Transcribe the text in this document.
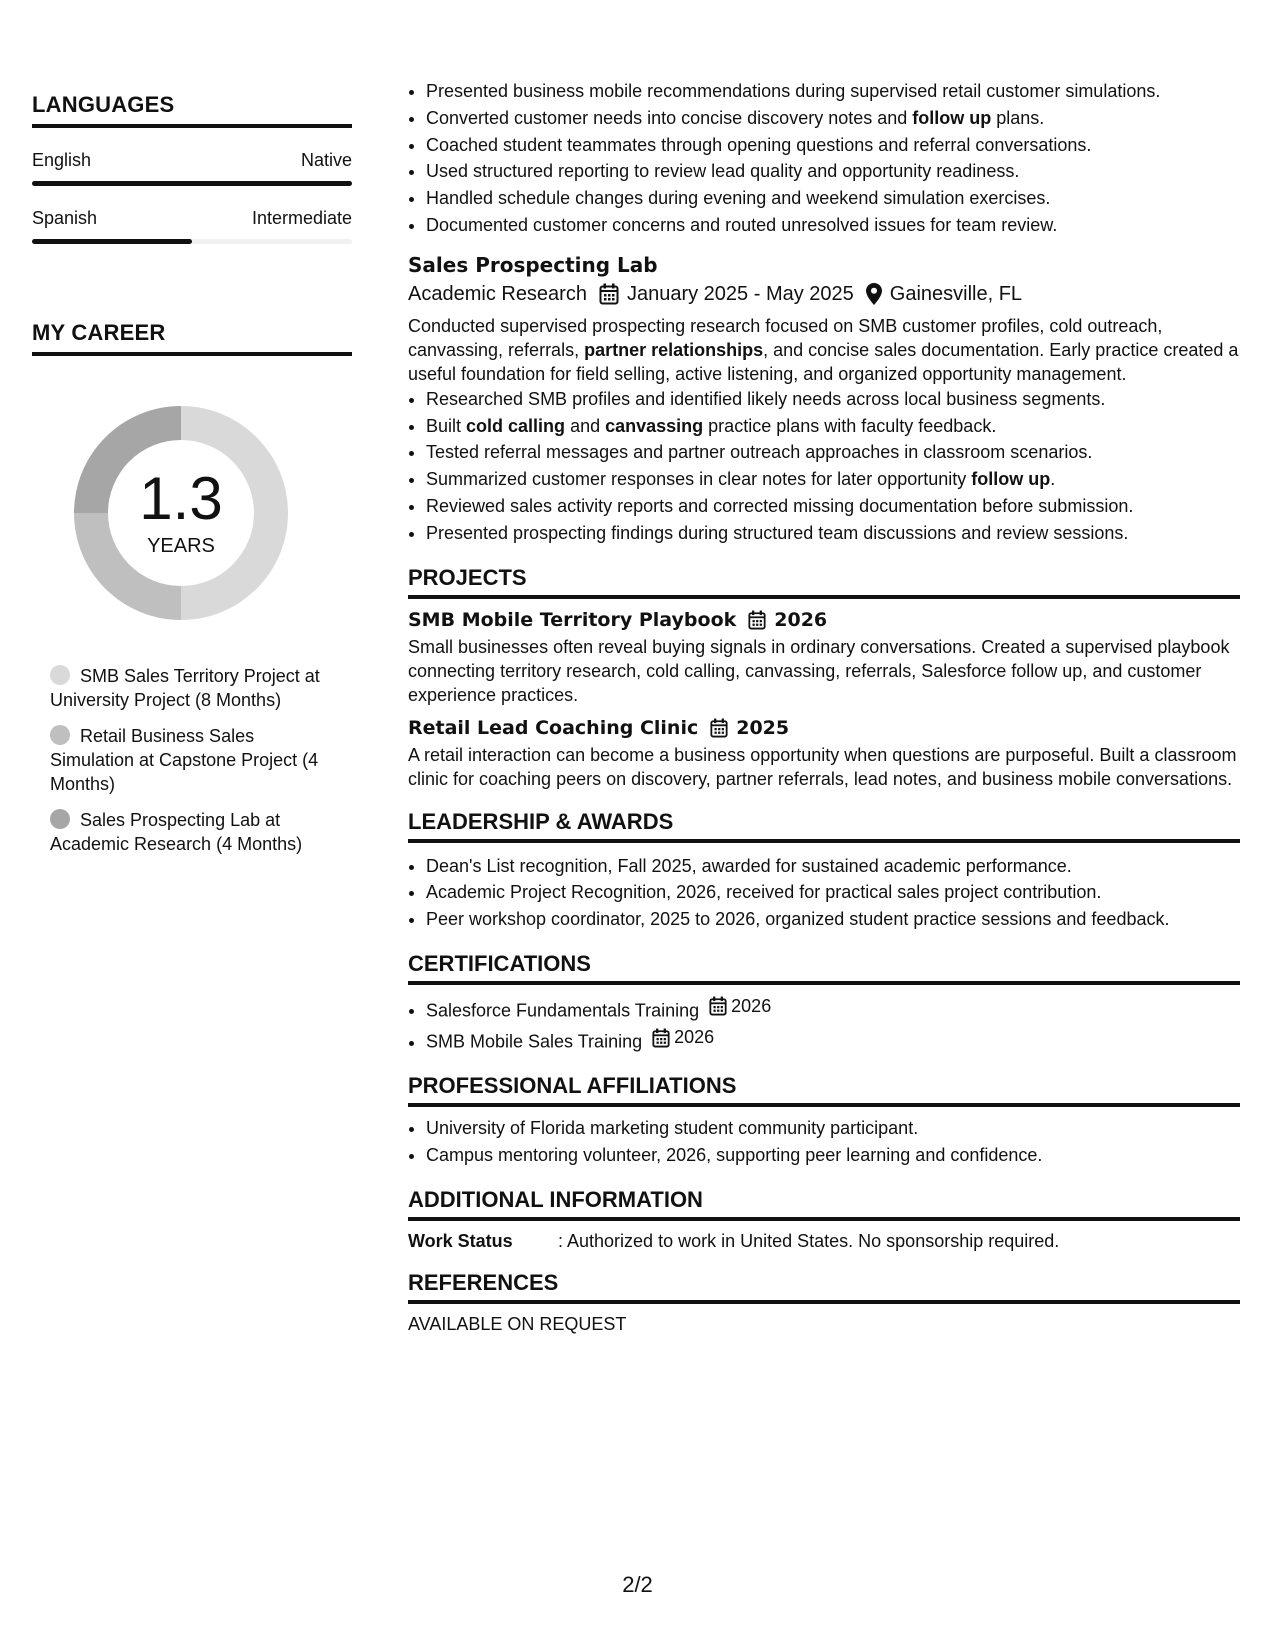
LANGUAGES
English	Native
Spanish	Intermediate
MY CAREER
1.3
YEARS
SMB Sales Territory Project at University Project (8 Months)
Retail Business Sales Simulation at Capstone Project (4 Months)
Sales Prospecting Lab at Academic Research (4 Months)
• Presented business mobile recommendations during supervised retail customer simulations.
• Converted customer needs into concise discovery notes and follow up plans.
• Coached student teammates through opening questions and referral conversations.
• Used structured reporting to review lead quality and opportunity readiness.
• Handled schedule changes during evening and weekend simulation exercises.
• Documented customer concerns and routed unresolved issues for team review.
Sales Prospecting Lab
Academic Research January 2025 - May 2025 Gainesville, FL
Conducted supervised prospecting research focused on SMB customer profiles, cold outreach, canvassing, referrals, partner relationships, and concise sales documentation. Early practice created a useful foundation for field selling, active listening, and organized opportunity management.
• Researched SMB profiles and identified likely needs across local business segments.
• Built cold calling and canvassing practice plans with faculty feedback.
• Tested referral messages and partner outreach approaches in classroom scenarios.
• Summarized customer responses in clear notes for later opportunity follow up.
• Reviewed sales activity reports and corrected missing documentation before submission.
• Presented prospecting findings during structured team discussions and review sessions.
PROJECTS
SMB Mobile Territory Playbook 2026
Small businesses often reveal buying signals in ordinary conversations. Created a supervised playbook connecting territory research, cold calling, canvassing, referrals, Salesforce follow up, and customer experience practices.
Retail Lead Coaching Clinic 2025
A retail interaction can become a business opportunity when questions are purposeful. Built a classroom clinic for coaching peers on discovery, partner referrals, lead notes, and business mobile conversations.
LEADERSHIP & AWARDS
• Dean's List recognition, Fall 2025, awarded for sustained academic performance.
• Academic Project Recognition, 2026, received for practical sales project contribution.
• Peer workshop coordinator, 2025 to 2026, organized student practice sessions and feedback.
CERTIFICATIONS
• Salesforce Fundamentals Training 2026
• SMB Mobile Sales Training 2026
PROFESSIONAL AFFILIATIONS
• University of Florida marketing student community participant.
• Campus mentoring volunteer, 2026, supporting peer learning and confidence.
ADDITIONAL INFORMATION
Work Status	: Authorized to work in United States. No sponsorship required.
REFERENCES
AVAILABLE ON REQUEST
2/2
